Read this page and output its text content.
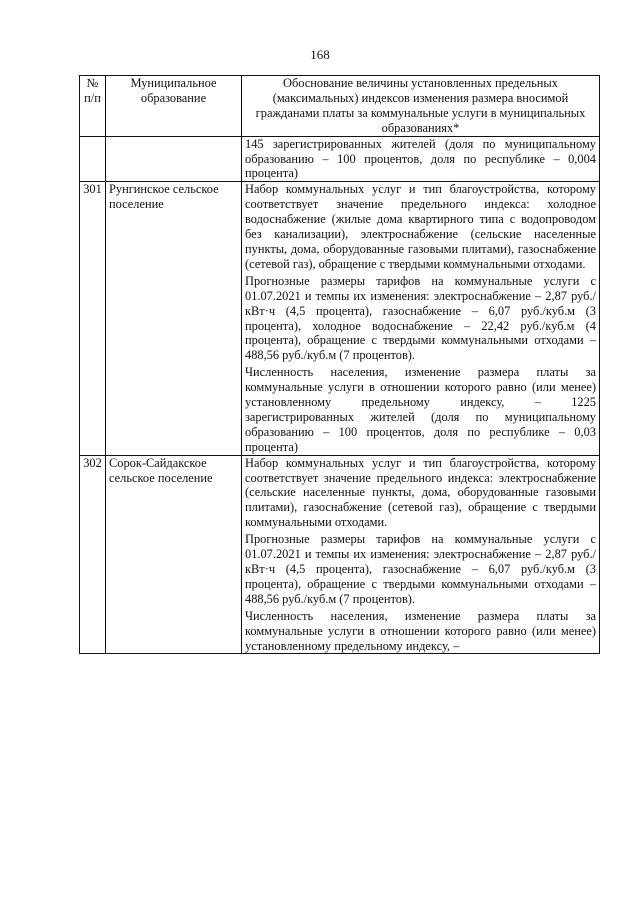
168
№ п/п	Муниципальное образование	Обоснование величины установленных предельных (максимальных) индексов изменения размера вносимой гражданами платы за коммунальные услуги в муниципальных образованиях*

		145 зарегистрированных жителей (доля по муниципальному образованию – 100 процентов, доля по республике – 0,004 процента)

301	Рунгинское сельское поселение	Набор коммунальных услуг и тип благоустройства, которому соответствует значение предельного индекса: холодное водоснабжение (жилые дома квартирного типа с водопроводом без канализации), электроснабжение (сельские населенные пункты, дома, оборудованные газовыми плитами), газоснабжение (сетевой газ), обращение с твердыми коммунальными отходами.

Прогнозные размеры тарифов на коммунальные услуги с 01.07.2021 и темпы их изменения: электроснабжение – 2,87 руб./кВт·ч (4,5 процента), газоснабжение – 6,07 руб./куб.м (3 процента), холодное водоснабжение – 22,42 руб./куб.м (4 процента), обращение с твердыми коммунальными отходами – 488,56 руб./куб.м (7 процентов).

Численность населения, изменение размера платы за коммунальные услуги в отношении которого равно (или менее) установленному предельному индексу, – 1225 зарегистрированных жителей (доля по муниципальному образованию – 100 процентов, доля по республике – 0,03 процента)

302	Сорок-Сайдакское сельское поселение	Набор коммунальных услуг и тип благоустройства, которому соответствует значение предельного индекса: электроснабжение (сельские населенные пункты, дома, оборудованные газовыми плитами), газоснабжение (сетевой газ), обращение с твердыми коммунальными отходами.

Прогнозные размеры тарифов на коммунальные услуги с 01.07.2021 и темпы их изменения: электроснабжение – 2,87 руб./кВт·ч (4,5 процента), газоснабжение – 6,07 руб./куб.м (3 процента), обращение с твердыми коммунальными отходами – 488,56 руб./куб.м (7 процентов).

Численность населения, изменение размера платы за коммунальные услуги в отношении которого равно (или менее) установленному предельному индексу, –
